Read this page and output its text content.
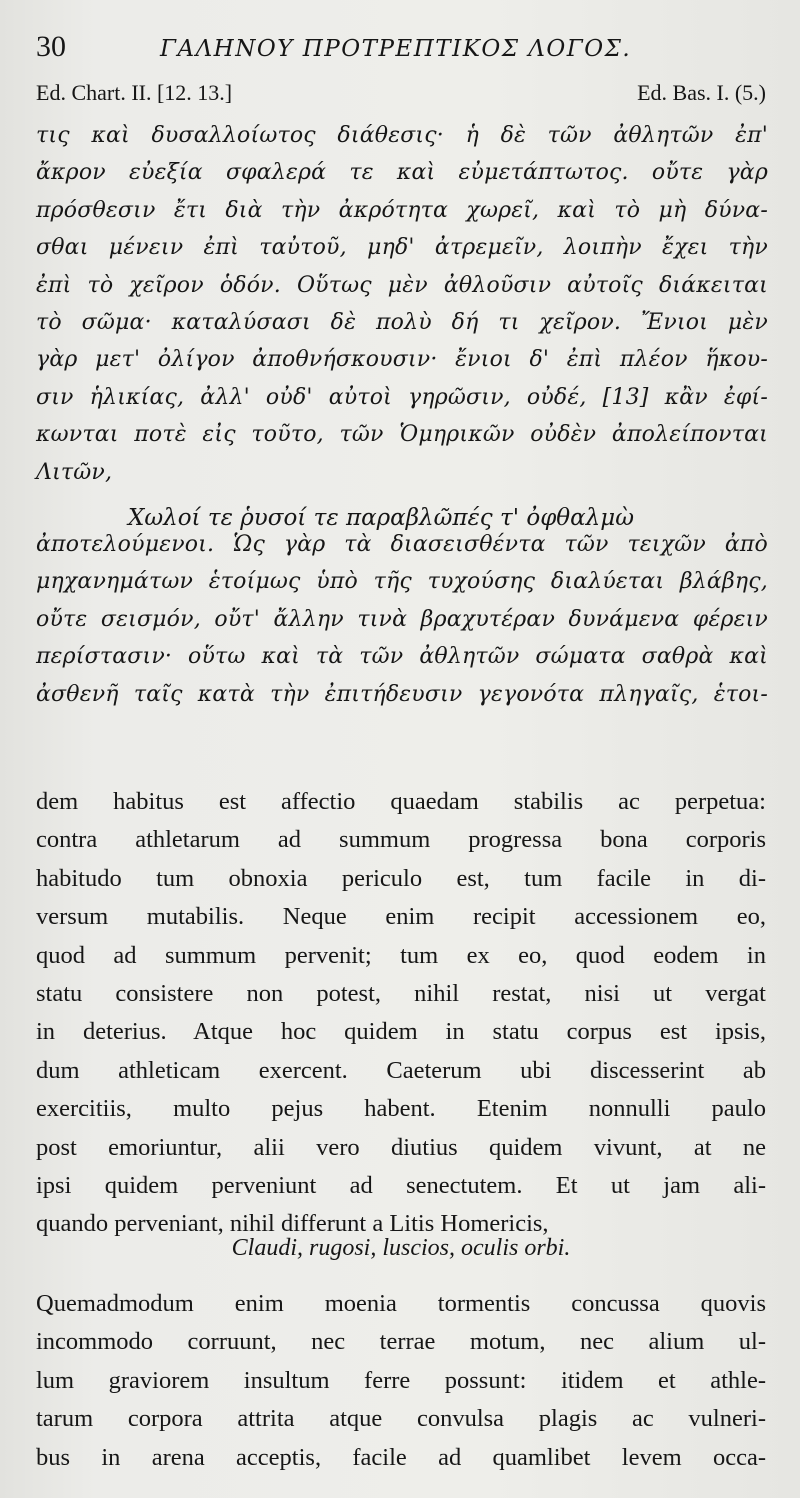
30	ΓΑΛΗΝΟΥ ΠΡΟΤΡΕΠΤΙΚΟΣ ΛΟΓΟΣ.
Ed. Chart. II. [12. 13.]	Ed. Bas. I. (5.)
τις καὶ δυσαλλοίωτος διάθεσις· ἡ δὲ τῶν ἀθλητῶν ἐπ'
ἄκρον εὐεξία σφαλερά τε καὶ εὐμετάπτωτος. οὔτε γὰρ
πρόσθεσιν ἔτι διὰ τὴν ἀκρότητα χωρεῖ, καὶ τὸ μὴ δύνα-
σθαι μένειν ἐπὶ ταὐτοῦ, μηδ' ἀτρεμεῖν, λοιπὴν ἔχει τὴν
ἐπὶ τὸ χεῖρον ὁδόν. Οὕτως μὲν ἀθλοῦσιν αὐτοῖς διάκειται
τὸ σῶμα· καταλύσασι δὲ πολὺ δή τι χεῖρον. Ἔνιοι μὲν
γὰρ μετ' ὀλίγον ἀποθνήσκουσιν· ἔνιοι δ' ἐπὶ πλέον ἥκου-
σιν ἡλικίας, ἀλλ' οὐδ' αὐτοὶ γηρῶσιν, οὐδέ, [13] κἂν ἐφί-
κωνται ποτὲ εἰς τοῦτο, τῶν Ὁμηρικῶν οὐδὲν ἀπολείπονται
Λιτῶν,
Χωλοί τε ῥυσοί τε παραβλῶπές τ' ὀφθαλμὼ
ἀποτελούμενοι. Ὡς γὰρ τὰ διασεισθέντα τῶν τειχῶν ἀπὸ
μηχανημάτων ἑτοίμως ὑπὸ τῆς τυχούσης διαλύεται βλάβης,
οὔτε σεισμόν, οὔτ' ἄλλην τινὰ βραχυτέραν δυνάμενα φέρειν
περίστασιν· οὕτω καὶ τὰ τῶν ἀθλητῶν σώματα σαθρὰ καὶ
ἀσθενῆ ταῖς κατὰ τὴν ἐπιτήδευσιν γεγονότα πληγαῖς, ἑτοι-
dem habitus est affectio quaedam stabilis ac perpetua:
contra athletarum ad summum progressa bona corporis
habitudo tum obnoxia periculo est, tum facile in di-
versum mutabilis. Neque enim recipit accessionem eo,
quod ad summum pervenit; tum ex eo, quod eodem in
statu consistere non potest, nihil restat, nisi ut vergat
in deterius. Atque hoc quidem in statu corpus est ipsis,
dum athleticam exercent. Caeterum ubi discesserint ab
exercitiis, multo pejus habent. Etenim nonnulli paulo
post emoriuntur, alii vero diutius quidem vivunt, at ne
ipsi quidem perveniunt ad senectutem. Et ut jam ali-
quando perveniant, nihil differunt a Litis Homericis,
Claudi, rugosi, luscios, oculis orbi.
Quemadmodum enim moenia tormentis concussa quovis
incommodo corruunt, nec terrae motum, nec alium ul-
lum graviorem insultum ferre possunt: itidem et athle-
tarum corpora attrita atque convulsa plagis ac vulneri-
bus in arena acceptis, facile ad quamlibet levem occa-
